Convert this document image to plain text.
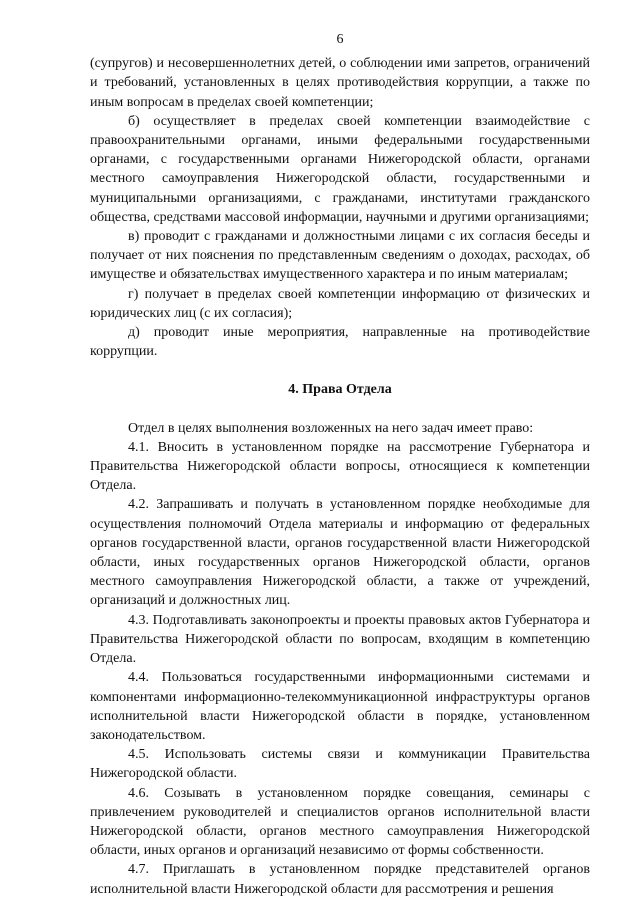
6

(супругов) и несовершеннолетних детей, о соблюдении ими запретов, ограничений и требований, установленных в целях противодействия коррупции, а также по иным вопросам в пределах своей компетенции;

б) осуществляет в пределах своей компетенции взаимодействие с правоохранительными органами, иными федеральными государственными органами, с государственными органами Нижегородской области, органами местного самоуправления Нижегородской области, государственными и муниципальными организациями, с гражданами, институтами гражданского общества, средствами массовой информации, научными и другими организациями;

в) проводит с гражданами и должностными лицами с их согласия беседы и получает от них пояснения по представленным сведениям о доходах, расходах, об имуществе и обязательствах имущественного характера и по иным материалам;

г) получает в пределах своей компетенции информацию от физических и юридических лиц (с их согласия);

д) проводит иные мероприятия, направленные на противодействие коррупции.

4. Права Отдела

Отдел в целях выполнения возложенных на него задач имеет право:

4.1. Вносить в установленном порядке на рассмотрение Губернатора и Правительства Нижегородской области вопросы, относящиеся к компетенции Отдела.

4.2. Запрашивать и получать в установленном порядке необходимые для осуществления полномочий Отдела материалы и информацию от федеральных органов государственной власти, органов государственной власти Нижегородской области, иных государственных органов Нижегородской области, органов местного самоуправления Нижегородской области, а также от учреждений, организаций и должностных лиц.

4.3. Подготавливать законопроекты и проекты правовых актов Губернатора и Правительства Нижегородской области по вопросам, входящим в компетенцию Отдела.

4.4. Пользоваться государственными информационными системами и компонентами информационно-телекоммуникационной инфраструктуры органов исполнительной власти Нижегородской области в порядке, установленном законодательством.

4.5. Использовать системы связи и коммуникации Правительства Нижегородской области.

4.6. Созывать в установленном порядке совещания, семинары с привлечением руководителей и специалистов органов исполнительной власти Нижегородской области, органов местного самоуправления Нижегородской области, иных органов и организаций независимо от формы собственности.

4.7. Приглашать в установленном порядке представителей органов исполнительной власти Нижегородской области для рассмотрения и решения
